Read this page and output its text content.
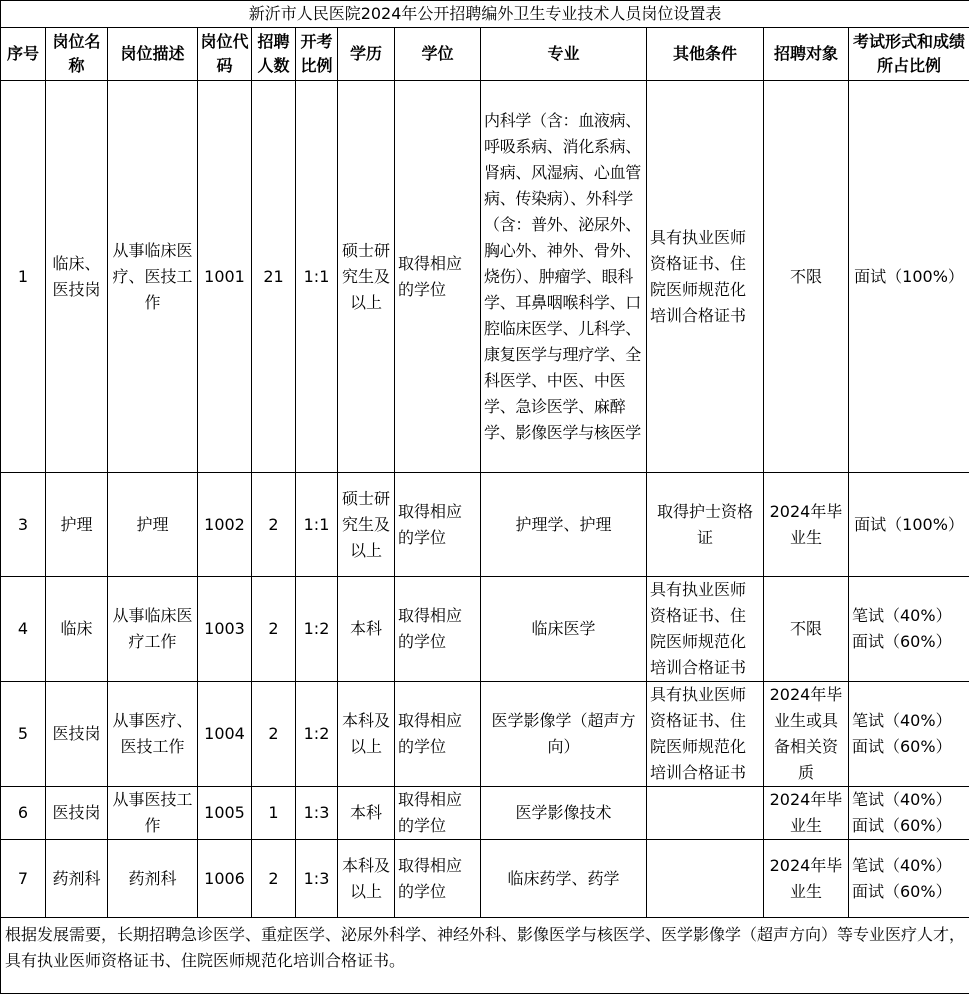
新沂市人民医院2024年公开招聘编外卫生专业技术人员岗位设置表											
序号	岗位名称	岗位描述	岗位代码	招聘人数	开考比例	学历	学位	专业	其他条件	招聘对象	考试形式和成绩所占比例
1	临床、医技岗	从事临床医疗、医技工作	1001	21	1:1	硕士研究生及以上	取得相应的学位	内科学（含：血液病、呼吸系病、消化系病、肾病、风湿病、心血管病、传染病）、外科学（含：普外、泌尿外、胸心外、神外、骨外、烧伤）、肿瘤学、眼科学、耳鼻咽喉科学、口腔临床医学、儿科学、康复医学与理疗学、全科医学、中医、中医学、急诊医学、麻醉学、影像医学与核医学	具有执业医师资格证书、住院医师规范化培训合格证书	不限	面试（100%）
3	护理	护理	1002	2	1:1	硕士研究生及以上	取得相应的学位	护理学、护理	取得护士资格证	2024年毕业生	面试（100%）
4	临床	从事临床医疗工作	1003	2	1:2	本科	取得相应的学位	临床医学	具有执业医师资格证书、住院医师规范化培训合格证书	不限	笔试（40%）面试（60%）
5	医技岗	从事医疗、医技工作	1004	2	1:2	本科及以上	取得相应的学位	医学影像学（超声方向）	具有执业医师资格证书、住院医师规范化培训合格证书	2024年毕业生或具备相关资质	笔试（40%）面试（60%）
6	医技岗	从事医技工作	1005	1	1:3	本科	取得相应的学位	医学影像技术		2024年毕业生	笔试（40%）面试（60%）
7	药剂科	药剂科	1006	2	1:3	本科及以上	取得相应的学位	临床药学、药学		2024年毕业生	笔试（40%）面试（60%）
根据发展需要，长期招聘急诊医学、重症医学、泌尿外科学、神经外科、影像医学与核医学、医学影像学（超声方向）等专业医疗人才，具有执业医师资格证书、住院医师规范化培训合格证书。											
